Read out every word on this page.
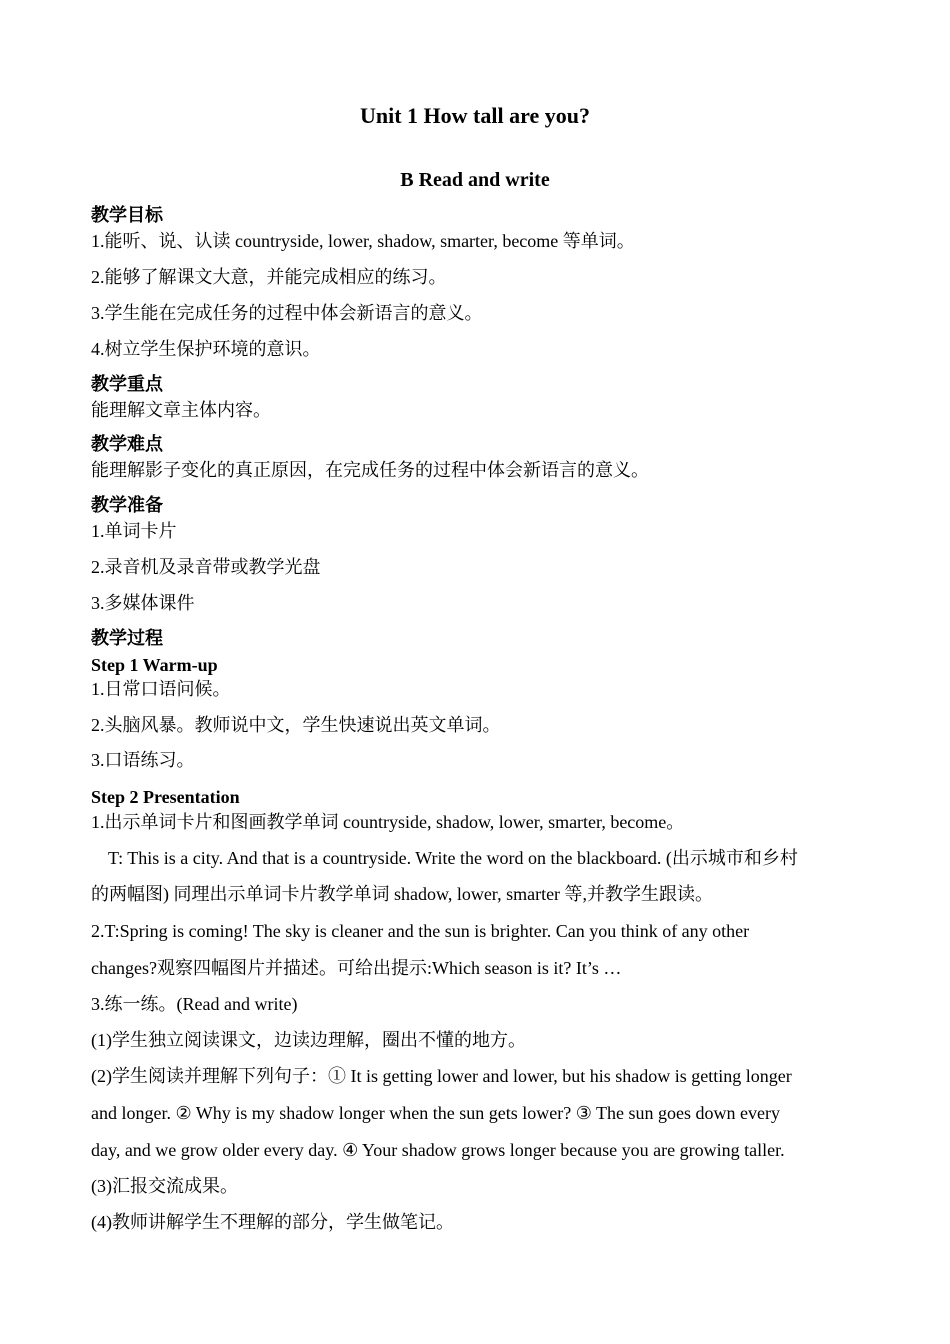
Unit 1 How tall are you?
B Read and write
教学目标
1.能听、说、认读 countryside, lower, shadow, smarter, become 等单词。
2.能够了解课文大意，并能完成相应的练习。
3.学生能在完成任务的过程中体会新语言的意义。
4.树立学生保护环境的意识。
教学重点
能理解文章主体内容。
教学难点
能理解影子变化的真正原因，在完成任务的过程中体会新语言的意义。
教学准备
1.单词卡片
2.录音机及录音带或教学光盘
3.多媒体课件
教学过程
Step 1 Warm-up
1.日常口语问候。
2.头脑风暴。教师说中文，学生快速说出英文单词。
3.口语练习。
Step 2 Presentation
1.出示单词卡片和图画教学单词 countryside, shadow, lower, smarter, become。
T: This is a city. And that is a countryside. Write the word on the blackboard. (出示城市和乡村
的两幅图) 同理出示单词卡片教学单词 shadow, lower, smarter 等,并教学生跟读。
2.T:Spring is coming! The sky is cleaner and the sun is brighter. Can you think of any other
changes?观察四幅图片并描述。可给出提示:Which season is it? It’s …
3.练一练。(Read and write)
(1)学生独立阅读课文，边读边理解，圈出不懂的地方。
(2)学生阅读并理解下列句子：① It is getting lower and lower, but his shadow is getting longer
and longer. ② Why is my shadow longer when the sun gets lower? ③ The sun goes down every
day, and we grow older every day. ④ Your shadow grows longer because you are growing taller.
(3)汇报交流成果。
(4)教师讲解学生不理解的部分，学生做笔记。
